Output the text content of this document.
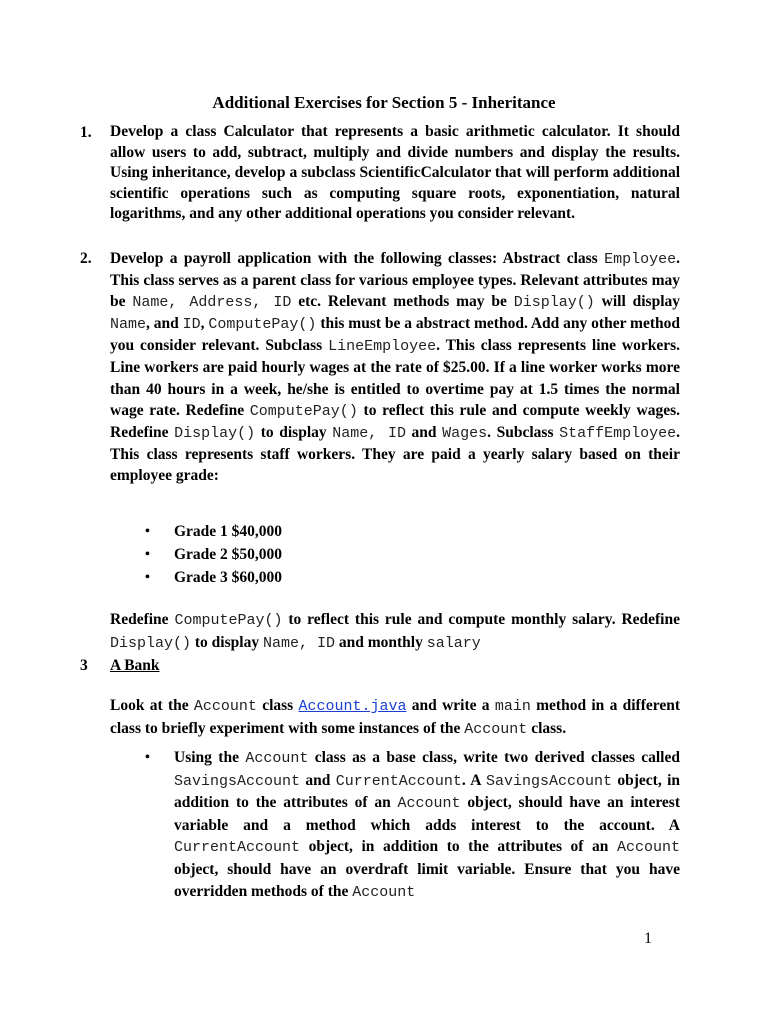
Additional Exercises for Section 5 - Inheritance
1. Develop a class Calculator that represents a basic arithmetic calculator. It should allow users to add, subtract, multiply and divide numbers and display the results. Using inheritance, develop a subclass ScientificCalculator that will perform additional scientific operations such as computing square roots, exponentiation, natural logarithms, and any other additional operations you consider relevant.
2. Develop a payroll application with the following classes: Abstract class Employee. This class serves as a parent class for various employee types. Relevant attributes may be Name, Address, ID etc. Relevant methods may be Display() will display Name, and ID, ComputePay() this must be a abstract method. Add any other method you consider relevant. Subclass LineEmployee. This class represents line workers. Line workers are paid hourly wages at the rate of $25.00. If a line worker works more than 40 hours in a week, he/she is entitled to overtime pay at 1.5 times the normal wage rate. Redefine ComputePay() to reflect this rule and compute weekly wages. Redefine Display() to display Name, ID and Wages. Subclass StaffEmployee. This class represents staff workers. They are paid a yearly salary based on their employee grade:
• Grade 1 $40,000
• Grade 2 $50,000
• Grade 3 $60,000
Redefine ComputePay() to reflect this rule and compute monthly salary. Redefine Display() to display Name, ID and monthly salary
3 A Bank
Look at the Account class Account.java and write a main method in a different class to briefly experiment with some instances of the Account class.
• Using the Account class as a base class, write two derived classes called SavingsAccount and CurrentAccount. A SavingsAccount object, in addition to the attributes of an Account object, should have an interest variable and a method which adds interest to the account. A CurrentAccount object, in addition to the attributes of an Account object, should have an overdraft limit variable. Ensure that you have overridden methods of the Account
1
